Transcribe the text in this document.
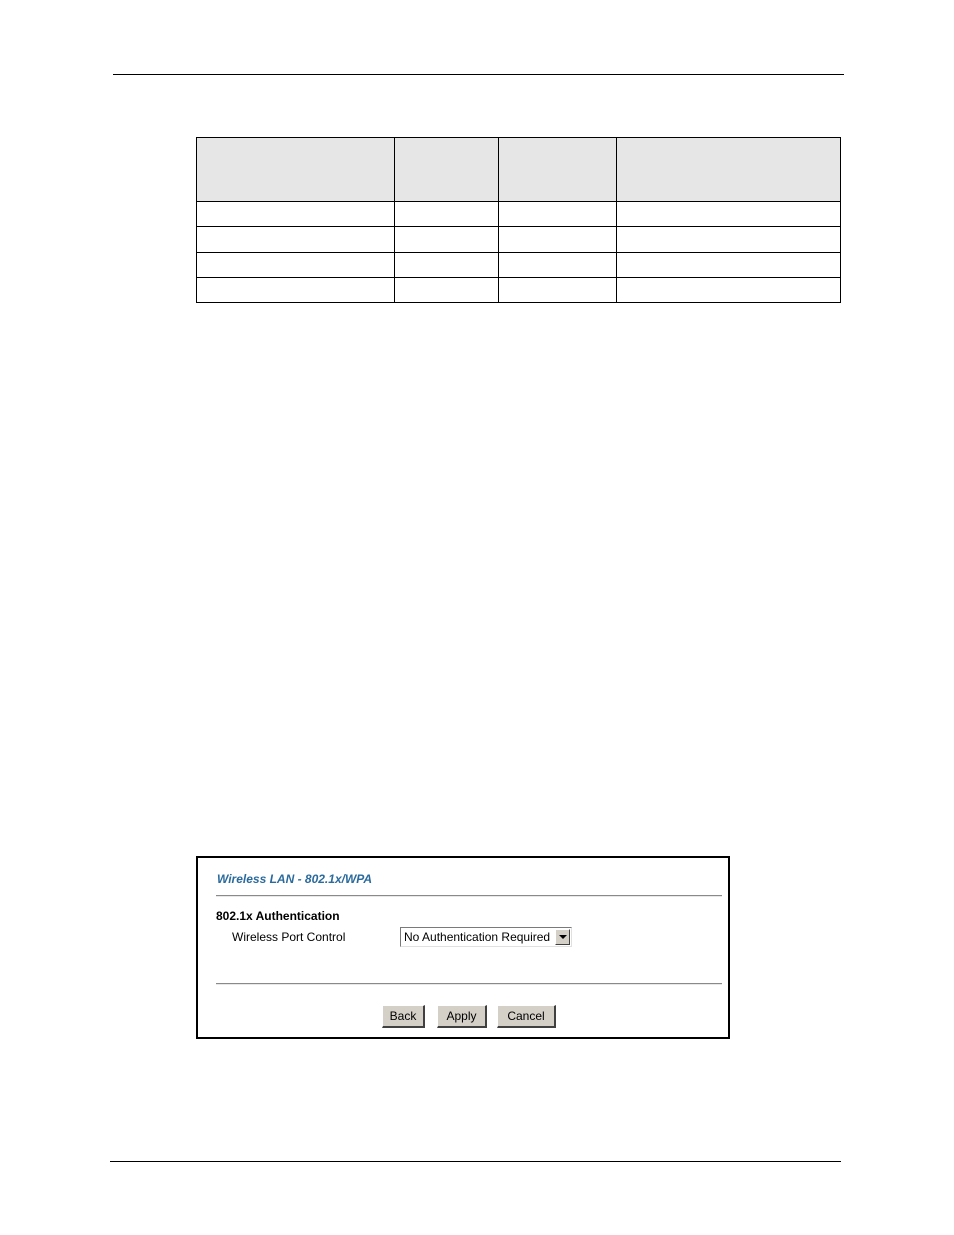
Wireless LAN - 802.1x/WPA
802.1x Authentication
Wireless Port Control	No Authentication Required
Back	Apply	Cancel
